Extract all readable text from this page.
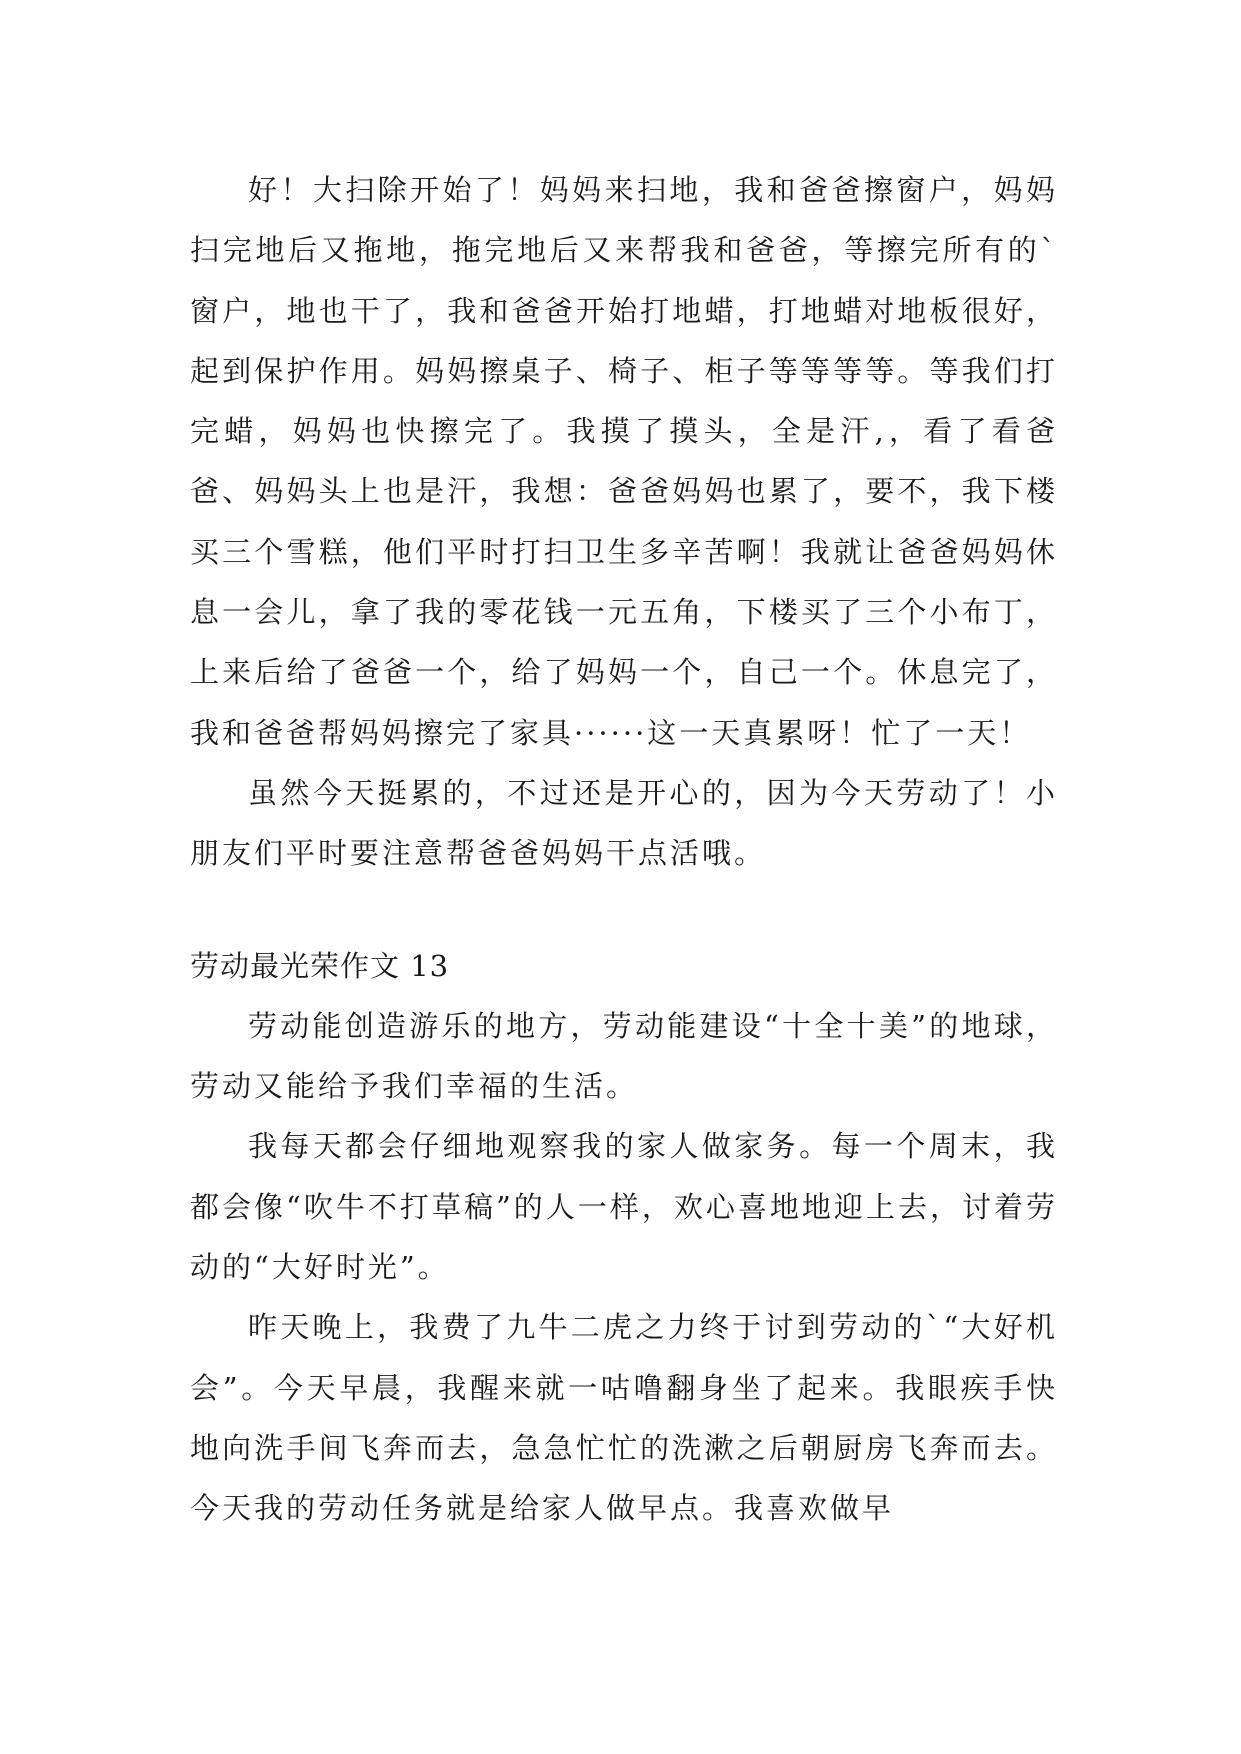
好！大扫除开始了！妈妈来扫地，我和爸爸擦窗户，妈妈扫完地后又拖地，拖完地后又来帮我和爸爸，等擦完所有的`窗户，地也干了，我和爸爸开始打地蜡，打地蜡对地板很好，起到保护作用。妈妈擦桌子、椅子、柜子等等等等。等我们打完蜡，妈妈也快擦完了。我摸了摸头，全是汗,，看了看爸爸、妈妈头上也是汗，我想：爸爸妈妈也累了，要不，我下楼买三个雪糕，他们平时打扫卫生多辛苦啊！我就让爸爸妈妈休息一会儿，拿了我的零花钱一元五角，下楼买了三个小布丁，上来后给了爸爸一个，给了妈妈一个，自己一个。休息完了，我和爸爸帮妈妈擦完了家具······这一天真累呀！忙了一天！

虽然今天挺累的，不过还是开心的，因为今天劳动了！小朋友们平时要注意帮爸爸妈妈干点活哦。

劳动最光荣作文 13

劳动能创造游乐的地方，劳动能建设“十全十美”的地球，劳动又能给予我们幸福的生活。

我每天都会仔细地观察我的家人做家务。每一个周末，我都会像“吹牛不打草稿”的人一样，欢心喜地地迎上去，讨着劳动的“大好时光”。

昨天晚上，我费了九牛二虎之力终于讨到劳动的`“大好机会”。今天早晨，我醒来就一咕噜翻身坐了起来。我眼疾手快地向洗手间飞奔而去，急急忙忙的洗漱之后朝厨房飞奔而去。今天我的劳动任务就是给家人做早点。我喜欢做早
